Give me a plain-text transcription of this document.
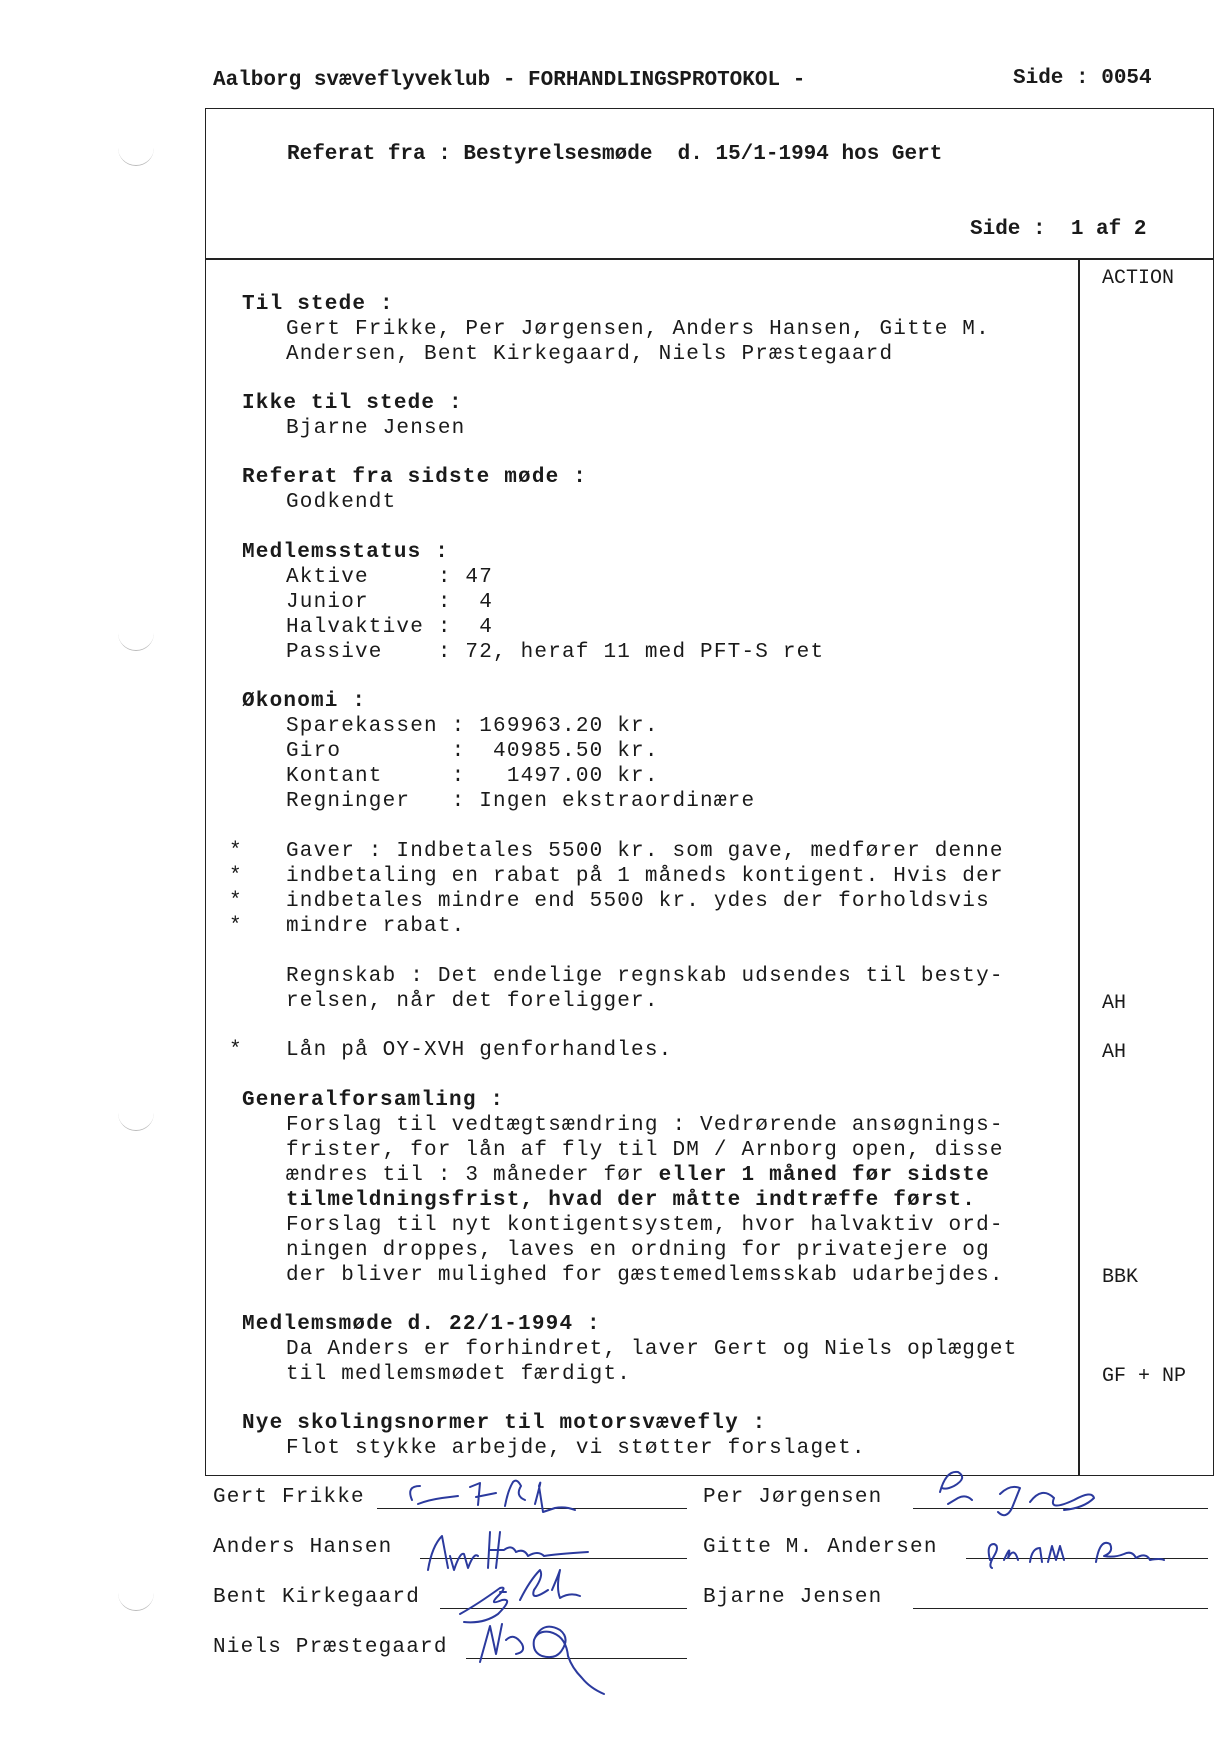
Aalborg svæveflyveklub - FORHANDLINGSPROTOKOL -	Side : 0054
Referat fra : Bestyrelsesmøde  d. 15/1-1994 hos Gert
Side :  1 af 2
ACTION
Til stede :
Gert Frikke, Per Jørgensen, Anders Hansen, Gitte M.
Andersen, Bent Kirkegaard, Niels Præstegaard
Ikke til stede :
Bjarne Jensen
Referat fra sidste møde :
Godkendt
Medlemsstatus :
Aktive     : 47
Junior     :  4
Halvaktive :  4
Passive    : 72, heraf 11 med PFT-S ret
Økonomi :
Sparekassen : 169963.20 kr.
Giro        :  40985.50 kr.
Kontant     :   1497.00 kr.
Regninger   : Ingen ekstraordinære
*
*
*
*
Gaver : Indbetales 5500 kr. som gave, medfører denne
indbetaling en rabat på 1 måneds kontigent. Hvis der
indbetales mindre end 5500 kr. ydes der forholdsvis
mindre rabat.
Regnskab : Det endelige regnskab udsendes til besty-
relsen, når det foreligger.	AH
* Lån på OY-XVH genforhandles.	AH
Generalforsamling :
Forslag til vedtægtsændring : Vedrørende ansøgnings-
frister, for lån af fly til DM / Arnborg open, disse
ændres til : 3 måneder før eller 1 måned før sidste
tilmeldningsfrist, hvad der måtte indtræffe først.
Forslag til nyt kontigentsystem, hvor halvaktiv ord-
ningen droppes, laves en ordning for privatejere og
der bliver mulighed for gæstemedlemsskab udarbejdes.	BBK
Medlemsmøde d. 22/1-1994 :
Da Anders er forhindret, laver Gert og Niels oplægget
til medlemsmødet færdigt.	GF + NP
Nye skolingsnormer til motorsvævefly :
Flot stykke arbejde, vi støtter forslaget.
Gert Frikke	Per Jørgensen
Anders Hansen	Gitte M. Andersen
Bent Kirkegaard	Bjarne Jensen
Niels Præstegaard
